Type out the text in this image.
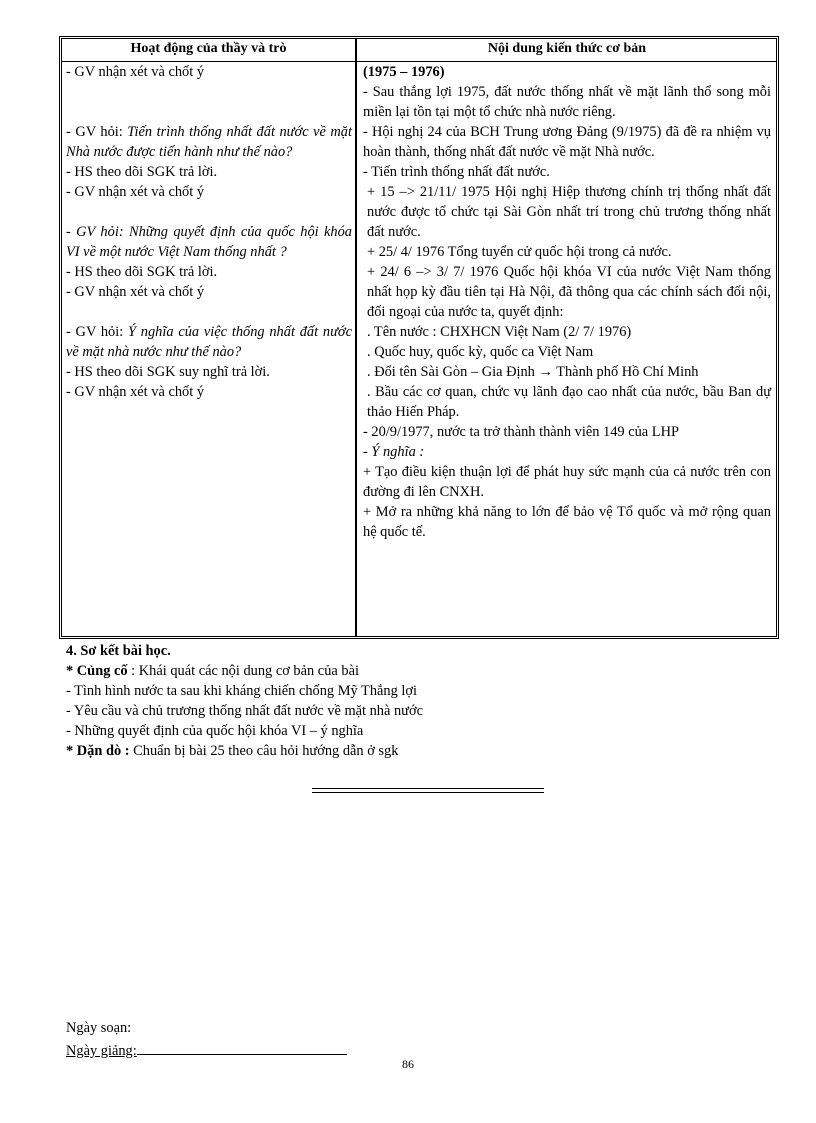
Hoạt động của thầy và trò	Nội dung kiến thức cơ bản

- GV nhận xét và chốt ý

- GV hỏi: Tiến trình thống nhất đất nước về mặt Nhà nước được tiến hành như thế nào?

- HS theo dõi SGK trả lời.

- GV nhận xét và chốt ý

- GV hỏi: Những quyết định của quốc hội khóa VI về một nước Việt Nam thống nhất ?

- HS theo dõi SGK trả lời.

- GV nhận xét và chốt ý

- GV hỏi: Ý nghĩa của việc thống nhất đất nước về mặt nhà nước như thế nào?

- HS theo dõi SGK suy nghĩ trả lời.

- GV nhận xét và chốt ý

(1975 – 1976)

- Sau thắng lợi 1975, đất nước thống nhất về mặt lãnh thổ song mỗi miền lại tồn tại một tổ chức nhà nước riêng.

- Hội nghị 24 của BCH Trung ương Đảng (9/1975) đã đề ra nhiệm vụ hoàn thành, thống nhất đất nước về mặt Nhà nước.

- Tiến trình thống nhất đất nước.

+ 15 –> 21/11/ 1975 Hội nghị Hiệp thương chính trị thống nhất đất nước được tổ chức tại Sài Gòn nhất trí trong chủ trương thống nhất đất nước.

+ 25/ 4/ 1976 Tổng tuyển cử quốc hội trong cả nước.

+ 24/ 6 –> 3/ 7/ 1976 Quốc hội khóa VI của nước Việt Nam thống nhất họp kỳ đầu tiên tại Hà Nội, đã thông qua các chính sách đối nội, đối ngoại của nước ta, quyết định:

. Tên nước : CHXHCN Việt Nam (2/ 7/ 1976)

. Quốc huy, quốc kỳ, quốc ca Việt Nam

. Đổi tên Sài Gòn – Gia Định → Thành phố Hồ Chí Minh

. Bầu các cơ quan, chức vụ lãnh đạo cao nhất của nước, bầu Ban dự thảo Hiến Pháp.

- 20/9/1977, nước ta trở thành thành viên 149 của LHP

- Ý nghĩa :

+ Tạo điều kiện thuận lợi để phát huy sức mạnh của cả nước trên con đường đi lên CNXH.

+ Mở ra những khả năng to lớn để bảo vệ Tổ quốc và mở rộng quan hệ quốc tế.

4. Sơ kết bài học.

* Củng cố : Khái quát các nội dung cơ bản của bài

- Tình hình nước ta sau khi kháng chiến chống Mỹ Thắng lợi

- Yêu cầu và chủ trương thống nhất đất nước về mặt nhà nước

- Những quyết định của quốc hội khóa VI – ý nghĩa

* Dặn dò : Chuẩn bị bài 25 theo câu hỏi hướng dẫn ở sgk

Ngày soạn:
Ngày giảng:
86
